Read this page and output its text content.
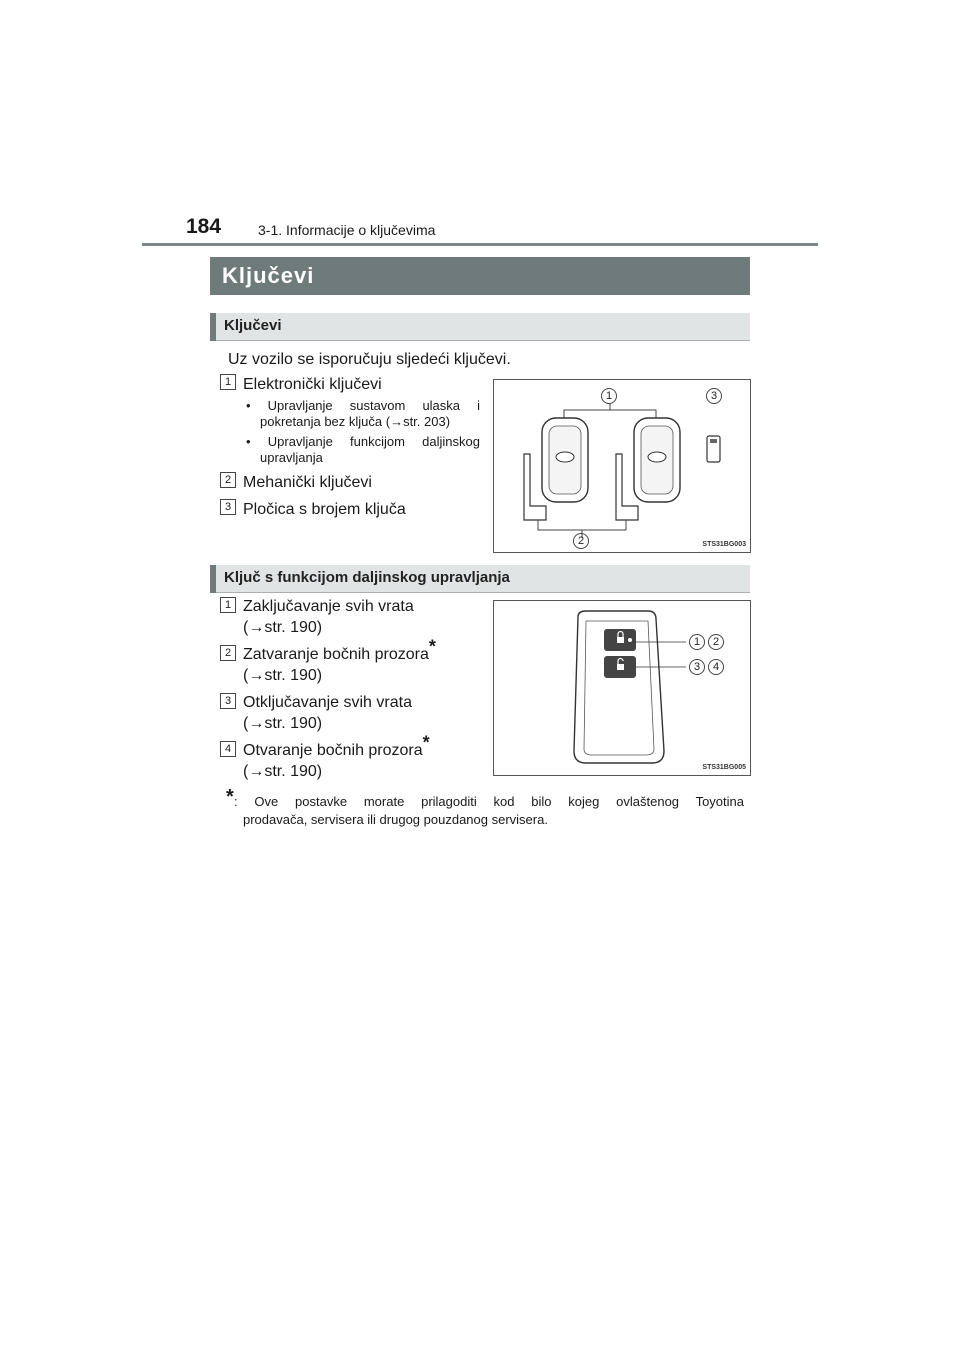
184	3-1. Informacije o ključevima
Ključevi
Ključevi
Uz vozilo se isporučuju sljedeći ključevi.
1 Elektronički ključevi
• Upravljanje sustavom ulaska i
pokretanja bez ključa (→str. 203)
• Upravljanje funkcijom daljinskog
upravljanja
2 Mehanički ključevi
3 Pločica s brojem ključa
1	3
2	STS31BG003
Ključ s funkcijom daljinskog upravljanja
1 Zaključavanje svih vrata
(→str. 190)
2 Zatvaranje bočnih prozora*
(→str. 190)
3 Otključavanje svih vrata
(→str. 190)
4 Otvaranje bočnih prozora*
(→str. 190)
1	2
3	4
STS31BG005
* : Ove postavke morate prilagoditi kod bilo kojeg ovlaštenog Toyotina
prodavača, servisera ili drugog pouzdanog servisera.
